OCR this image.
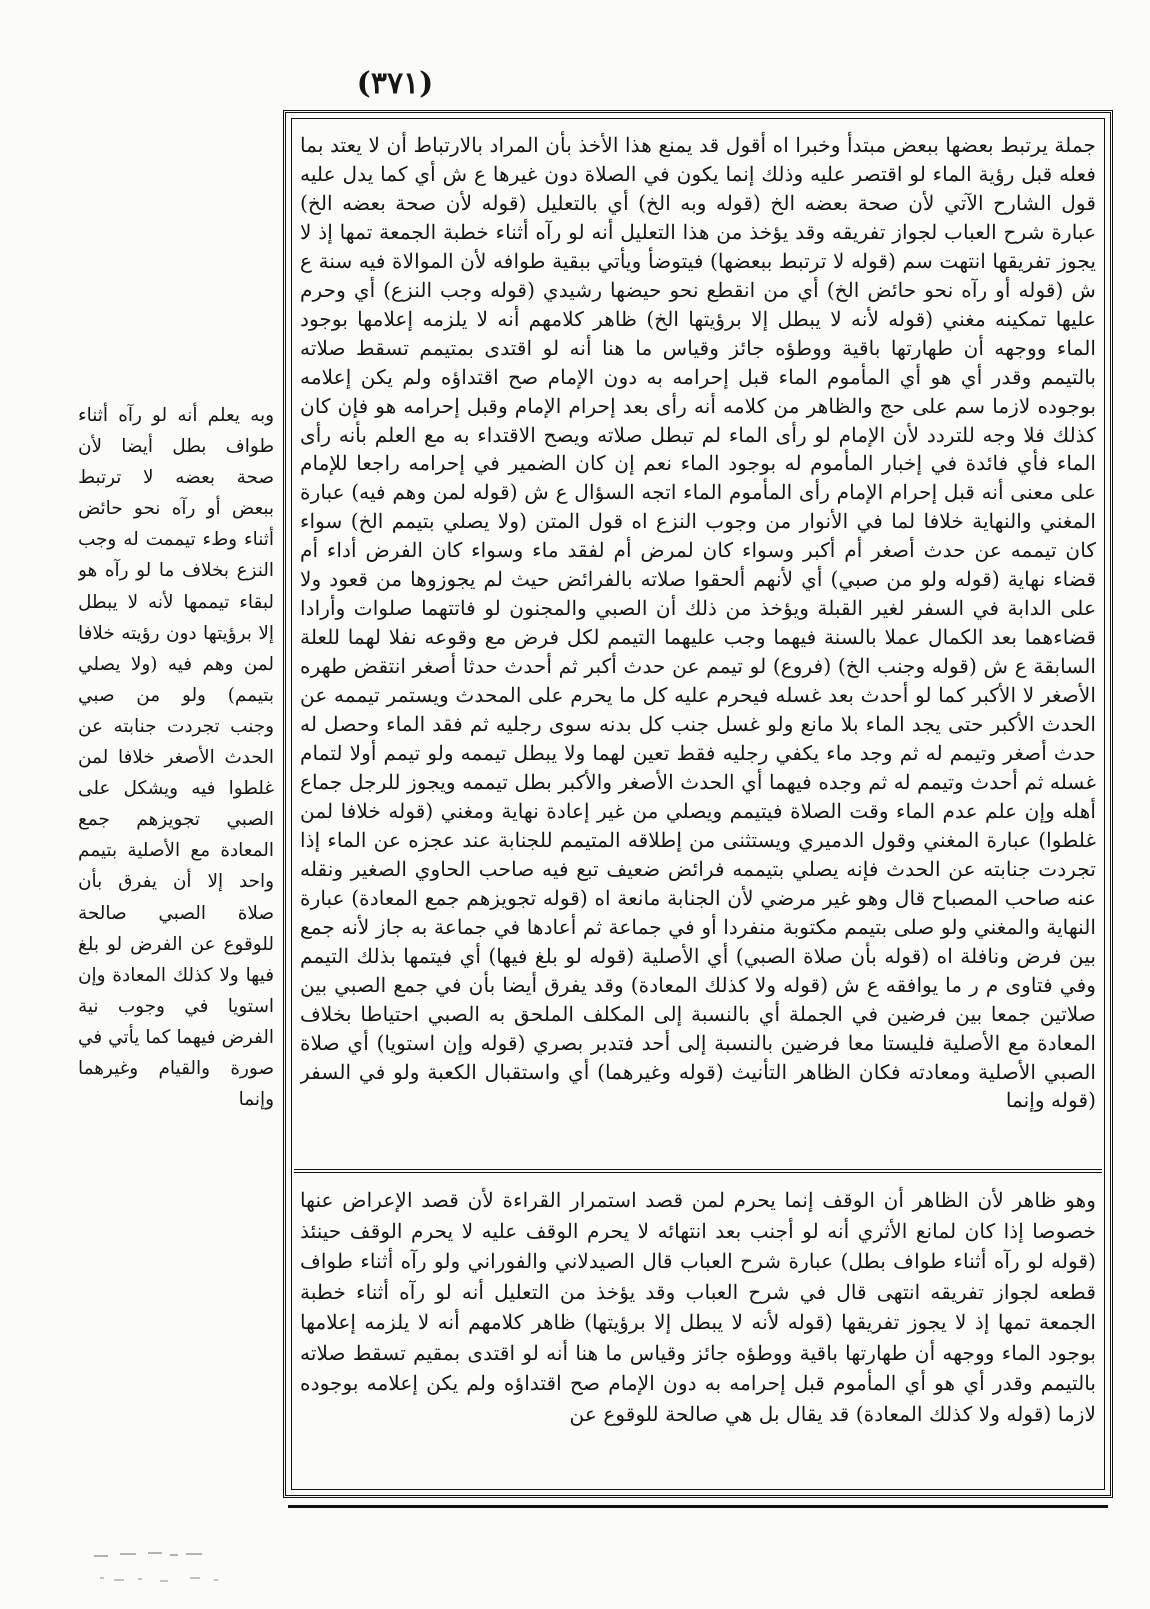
(٣٧١)
جملة يرتبط بعضها ببعض مبتدأ وخبرا اه أقول قد يمنع هذا الأخذ بأن المراد بالارتباط أن لا يعتد بما فعله قبل رؤية الماء لو اقتصر عليه وذلك إنما يكون في الصلاة دون غيرها ع ش أي كما يدل عليه قول الشارح الآتي لأن صحة بعضه الخ (قوله وبه الخ) أي بالتعليل (قوله لأن صحة بعضه الخ) عبارة شرح العباب لجواز تفريقه وقد يؤخذ من هذا التعليل أنه لو رآه أثناء خطبة الجمعة تمها إذ لا يجوز تفريقها انتهت سم (قوله لا ترتبط ببعضها) فيتوضأ ويأتي ببقية طوافه لأن الموالاة فيه سنة ع ش (قوله أو رآه نحو حائض الخ) أي من انقطع نحو حيضها رشيدي (قوله وجب النزع) أي وحرم عليها تمكينه مغني (قوله لأنه لا يبطل إلا برؤيتها الخ) ظاهر كلامهم أنه لا يلزمه إعلامها بوجود الماء ووجهه أن طهارتها باقية ووطؤه جائز وقياس ما هنا أنه لو اقتدى بمتيمم تسقط صلاته بالتيمم وقدر أي هو أي المأموم الماء قبل إحرامه به دون الإمام صح اقتداؤه ولم يكن إعلامه بوجوده لازما سم على حج والظاهر من كلامه أنه رأى بعد إحرام الإمام وقبل إحرامه هو فإن كان كذلك فلا وجه للتردد لأن الإمام لو رأى الماء لم تبطل صلاته ويصح الاقتداء به مع العلم بأنه رأى الماء فأي فائدة في إخبار المأموم له بوجود الماء نعم إن كان الضمير في إحرامه راجعا للإمام على معنى أنه قبل إحرام الإمام رأى المأموم الماء اتجه السؤال ع ش (قوله لمن وهم فيه) عبارة المغني والنهاية خلافا لما في الأنوار من وجوب النزع اه قول المتن (ولا يصلي بتيمم الخ) سواء كان تيممه عن حدث أصغر أم أكبر وسواء كان لمرض أم لفقد ماء وسواء كان الفرض أداء أم قضاء نهاية (قوله ولو من صبي) أي لأنهم ألحقوا صلاته بالفرائض حيث لم يجوزوها من قعود ولا على الدابة في السفر لغير القبلة ويؤخذ من ذلك أن الصبي والمجنون لو فاتتهما صلوات وأرادا قضاءهما بعد الكمال عملا بالسنة فيهما وجب عليهما التيمم لكل فرض مع وقوعه نفلا لهما للعلة السابقة ع ش (قوله وجنب الخ) (فروع) لو تيمم عن حدث أكبر ثم أحدث حدثا أصغر انتقض طهره الأصغر لا الأكبر كما لو أحدث بعد غسله فيحرم عليه كل ما يحرم على المحدث ويستمر تيممه عن الحدث الأكبر حتى يجد الماء بلا مانع ولو غسل جنب كل بدنه سوى رجليه ثم فقد الماء وحصل له حدث أصغر وتيمم له ثم وجد ماء يكفي رجليه فقط تعين لهما ولا يبطل تيممه ولو تيمم أولا لتمام غسله ثم أحدث وتيمم له ثم وجده فيهما أي الحدث الأصغر والأكبر بطل تيممه ويجوز للرجل جماع أهله وإن علم عدم الماء وقت الصلاة فيتيمم ويصلي من غير إعادة نهاية ومغني (قوله خلافا لمن غلطوا) عبارة المغني وقول الدميري ويستثنى من إطلاقه المتيمم للجنابة عند عجزه عن الماء إذا تجردت جنابته عن الحدث فإنه يصلي بتيممه فرائض ضعيف تبع فيه صاحب الحاوي الصغير ونقله عنه صاحب المصباح قال وهو غير مرضي لأن الجنابة مانعة اه (قوله تجويزهم جمع المعادة) عبارة النهاية والمغني ولو صلى بتيمم مكتوبة منفردا أو في جماعة ثم أعادها في جماعة به جاز لأنه جمع بين فرض ونافلة اه (قوله بأن صلاة الصبي) أي الأصلية (قوله لو بلغ فيها) أي فيتمها بذلك التيمم وفي فتاوى م ر ما يوافقه ع ش (قوله ولا كذلك المعادة) وقد يفرق أيضا بأن في جمع الصبي بين صلاتين جمعا بين فرضين في الجملة أي بالنسبة إلى المكلف الملحق به الصبي احتياطا بخلاف المعادة مع الأصلية فليستا معا فرضين بالنسبة إلى أحد فتدبر بصري (قوله وإن استويا) أي صلاة الصبي الأصلية ومعادته فكان الظاهر التأنيث (قوله وغيرهما) أي واستقبال الكعبة ولو في السفر (قوله وإنما
وهو ظاهر لأن الظاهر أن الوقف إنما يحرم لمن قصد استمرار القراءة لأن قصد الإعراض عنها خصوصا إذا كان لمانع الأثري أنه لو أجنب بعد انتهائه لا يحرم الوقف عليه لا يحرم الوقف حينئذ (قوله لو رآه أثناء طواف بطل) عبارة شرح العباب قال الصيدلاني والفوراني ولو رآه أثناء طواف قطعه لجواز تفريقه انتهى قال في شرح العباب وقد يؤخذ من التعليل أنه لو رآه أثناء خطبة الجمعة تمها إذ لا يجوز تفريقها (قوله لأنه لا يبطل إلا برؤيتها) ظاهر كلامهم أنه لا يلزمه إعلامها بوجود الماء ووجهه أن طهارتها باقية ووطؤه جائز وقياس ما هنا أنه لو اقتدى بمقيم تسقط صلاته بالتيمم وقدر أي هو أي المأموم قبل إحرامه به دون الإمام صح اقتداؤه ولم يكن إعلامه بوجوده لازما (قوله ولا كذلك المعادة) قد يقال بل هي صالحة للوقوع عن
وبه يعلم أنه لو رآه أثناء طواف بطل أيضا لأن صحة بعضه لا ترتبط ببعض أو رآه نحو حائض أثناء وطء تيممت له وجب النزع بخلاف ما لو رآه هو لبقاء تيممها لأنه لا يبطل إلا برؤيتها دون رؤيته خلافا لمن وهم فيه (ولا يصلي بتيمم) ولو من صبي وجنب تجردت جنابته عن الحدث الأصغر خلافا لمن غلطوا فيه ويشكل على الصبي تجويزهم جمع المعادة مع الأصلية بتيمم واحد إلا أن يفرق بأن صلاة الصبي صالحة للوقوع عن الفرض لو بلغ فيها ولا كذلك المعادة وإن استويا في وجوب نية الفرض فيهما كما يأتي في صورة والقيام وغيرهما وإنما
